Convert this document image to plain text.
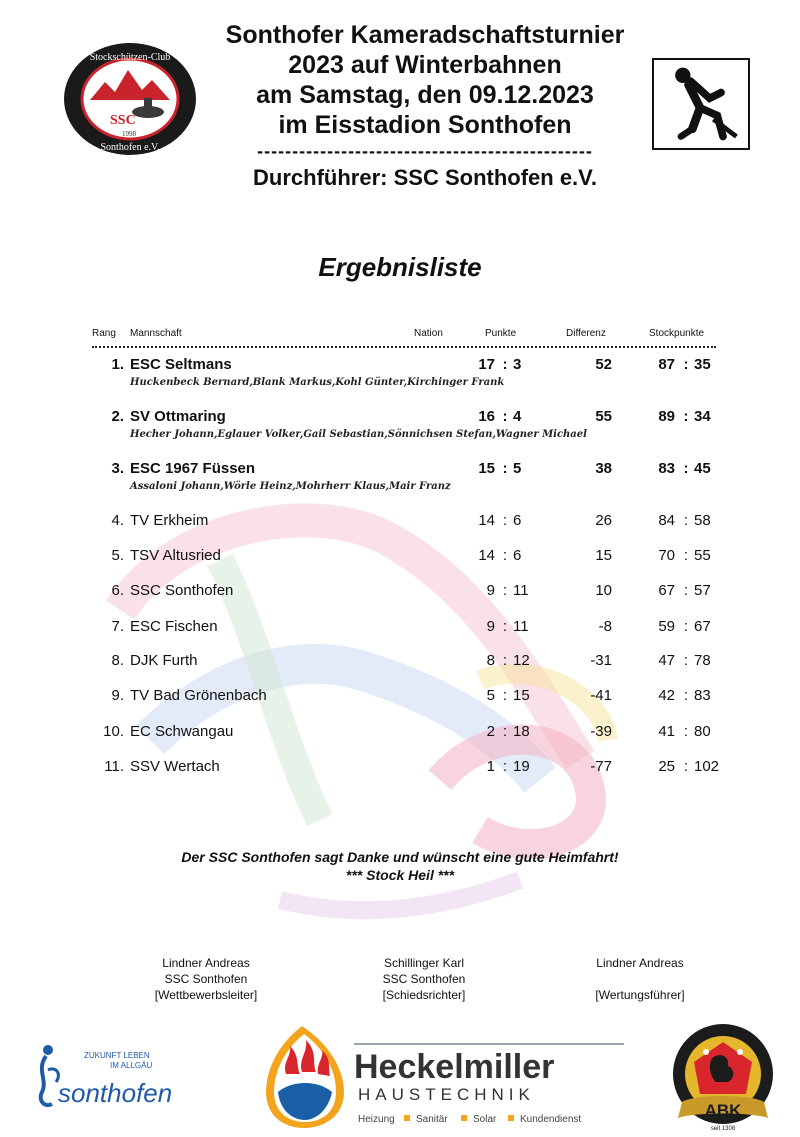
SSC
1998
Stockschützen-Club
Sonthofen e.V.
Sonthofer Kameradschaftsturnier
2023 auf Winterbahnen
am Samstag, den 09.12.2023
im Eisstadion Sonthofen
------------------------------------------------
Durchführer: SSC Sonthofen e.V.
Ergebnisliste
Rang Mannschaft	Nation	Punkte	Differenz	Stockpunkte
1. ESC Seltmans	17 : 3	52	87 : 35
Huckenbeck Bernard,Blank Markus,Kohl Günter,Kirchinger Frank
2. SV Ottmaring	16 : 4	55	89 : 34
Hecher Johann,Eglauer Volker,Gail Sebastian,Sönnichsen Stefan,Wagner Michael
3. ESC 1967 Füssen	15 : 5	38	83 : 45
Assaloni Johann,Wörle Heinz,Mohrherr Klaus,Mair Franz
4. TV Erkheim	14 : 6	26	84 : 58
5. TSV Altusried	14 : 6	15	70 : 55
6. SSC Sonthofen	9 : 11	10	67 : 57
7. ESC Fischen	9 : 11	-8	59 : 67
8. DJK Furth	8 : 12	-31	47 : 78
9. TV Bad Grönenbach	5 : 15	-41	42 : 83
10. EC Schwangau	2 : 18	-39	41 : 80
11. SSV Wertach	1 : 19	-77	25 : 102
Der SSC Sonthofen sagt Danke und wünscht eine gute Heimfahrt!
*** Stock Heil ***
Lindner Andreas
SSC Sonthofen
[Wettbewerbsleiter]
Schillinger Karl
SSC Sonthofen
[Schiedsrichter]
Lindner Andreas
[Wertungsführer]
ZUKUNFT LEBEN
IM ALLGÄU
sonthofen
Heckelmiller
HAUSTECHNIK
Heizung Sanitär	Solar Kundendienst	ABK
seit 1308
